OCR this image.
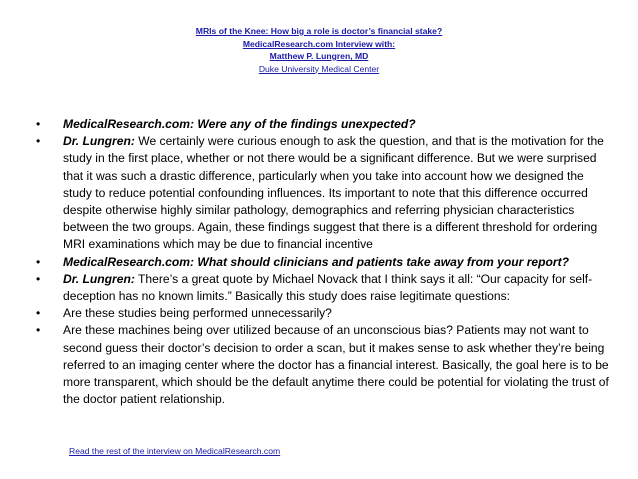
MRIs of the Knee: How big a role is doctor’s financial stake?
MedicalResearch.com Interview with:
Matthew P. Lungren, MD
Duke University Medical Center
•	MedicalResearch.com: Were any of the findings unexpected?
•	Dr. Lungren: We certainly were curious enough to ask the question, and that is the motivation for the study in the first place, whether or not there would be a significant difference. But we were surprised that it was such a drastic difference, particularly when you take into account how we designed the study to reduce potential confounding influences. Its important to note that this difference occurred despite otherwise highly similar pathology, demographics and referring physician characteristics between the two groups. Again, these findings suggest that there is a different threshold for ordering MRI examinations which may be due to financial incentive
•	MedicalResearch.com: What should clinicians and patients take away from your report?
•	Dr. Lungren: There’s a great quote by Michael Novack that I think says it all: “Our capacity for self-deception has no known limits.” Basically this study does raise legitimate questions:
•	Are these studies being performed unnecessarily?
•	Are these machines being over utilized because of an unconscious bias? Patients may not want to second guess their doctor’s decision to order a scan, but it makes sense to ask whether they’re being referred to an imaging center where the doctor has a financial interest. Basically, the goal here is to be more transparent, which should be the default anytime there could be potential for violating the trust of the doctor patient relationship.
Read the rest of the interview on MedicalResearch.com
